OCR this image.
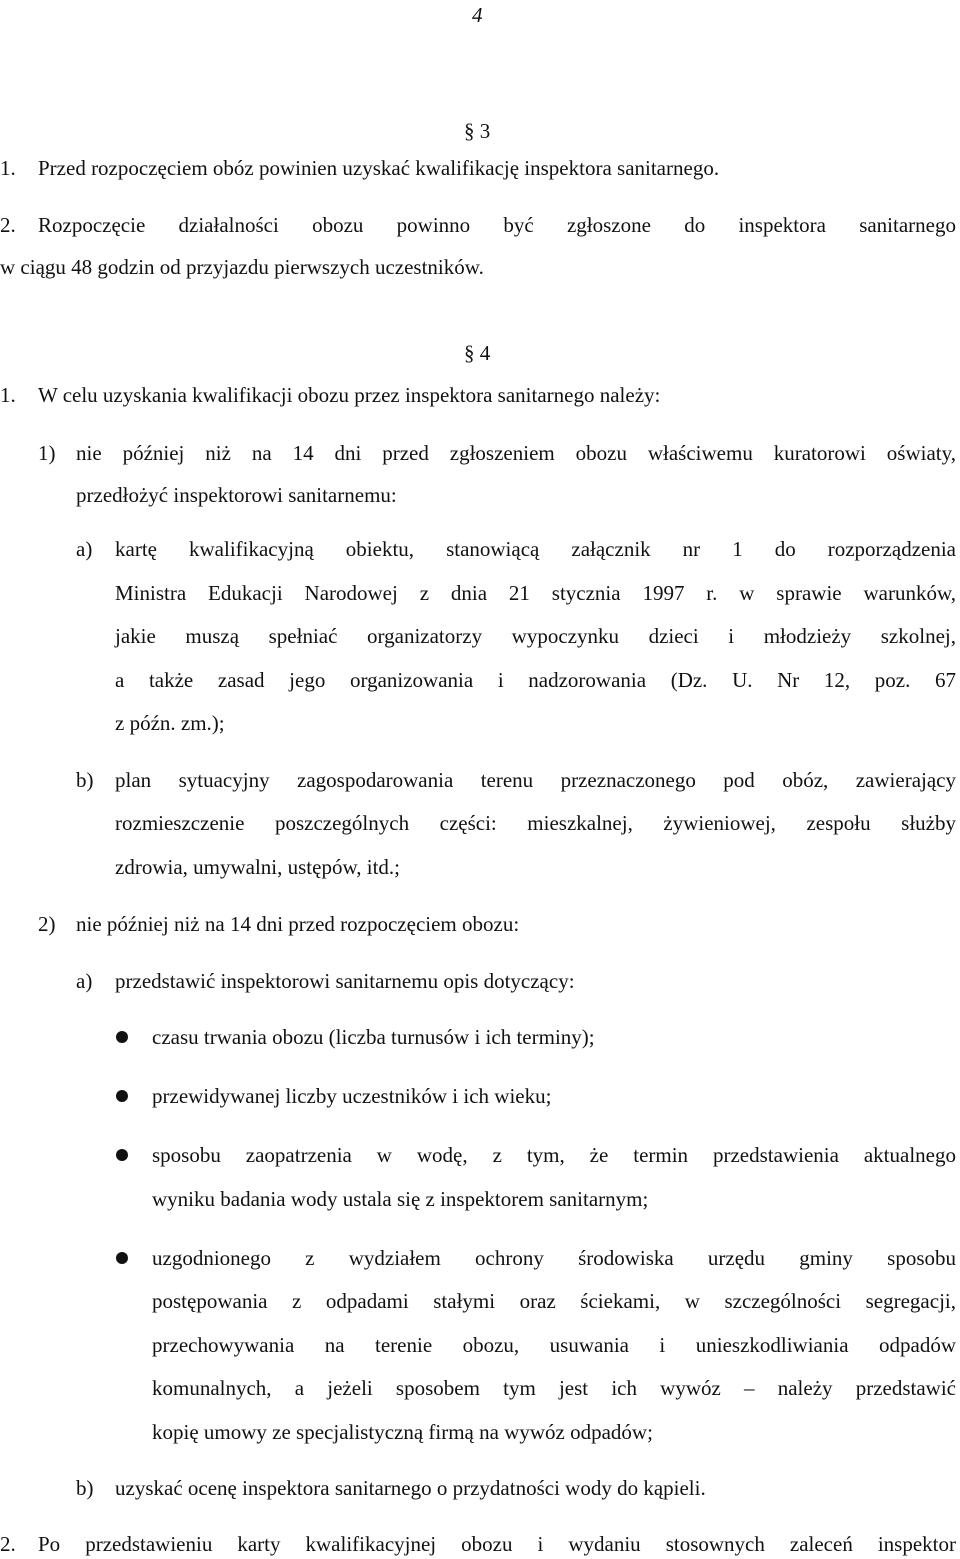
4
§ 3
1. Przed rozpoczęciem obóz powinien uzyskać kwalifikację inspektora sanitarnego.
2. Rozpoczęcie działalności obozu powinno być zgłoszone do inspektora sanitarnego
w ciągu 48 godzin od przyjazdu pierwszych uczestników.
§ 4
1. W celu uzyskania kwalifikacji obozu przez inspektora sanitarnego należy:
1) nie później niż na 14 dni przed zgłoszeniem obozu właściwemu kuratorowi oświaty,
przedłożyć inspektorowi sanitarnemu:
a) kartę kwalifikacyjną obiektu, stanowiącą załącznik nr 1 do rozporządzenia
Ministra Edukacji Narodowej z dnia 21 stycznia 1997 r. w sprawie warunków,
jakie muszą spełniać organizatorzy wypoczynku dzieci i młodzieży szkolnej,
a także zasad jego organizowania i nadzorowania (Dz. U. Nr 12, poz. 67
z późn. zm.);
b) plan sytuacyjny zagospodarowania terenu przeznaczonego pod obóz, zawierający
rozmieszczenie poszczególnych części: mieszkalnej, żywieniowej, zespołu służby
zdrowia, umywalni, ustępów, itd.;
2) nie później niż na 14 dni przed rozpoczęciem obozu:
a) przedstawić inspektorowi sanitarnemu opis dotyczący:
czasu trwania obozu (liczba turnusów i ich terminy);
przewidywanej liczby uczestników i ich wieku;
sposobu zaopatrzenia w wodę, z tym, że termin przedstawienia aktualnego
wyniku badania wody ustala się z inspektorem sanitarnym;
uzgodnionego z wydziałem ochrony środowiska urzędu gminy sposobu
postępowania z odpadami stałymi oraz ściekami, w szczególności segregacji,
przechowywania na terenie obozu, usuwania i unieszkodliwiania odpadów
komunalnych, a jeżeli sposobem tym jest ich wywóz – należy przedstawić
kopię umowy ze specjalistyczną firmą na wywóz odpadów;
b) uzyskać ocenę inspektora sanitarnego o przydatności wody do kąpieli.
2. Po przedstawieniu karty kwalifikacyjnej obozu i wydaniu stosownych zaleceń inspektor
